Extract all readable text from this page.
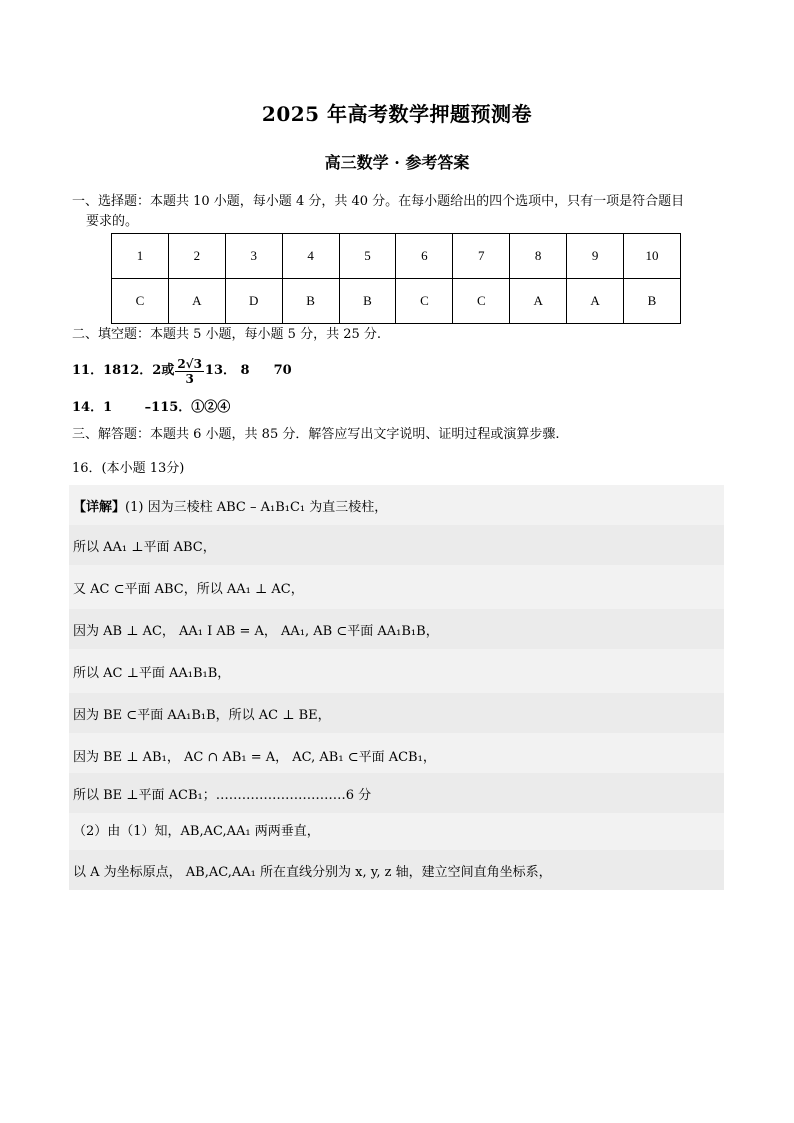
2025 年高考数学押题预测卷
高三数学 · 参考答案
一、选择题：本题共 10 小题，每小题 4 分，共 40 分。在每小题给出的四个选项中，只有一项是符合题目
要求的。
1	2	3	4	5	6	7	8	9	10
C	A	D	B	B	C	C	A	A	B
二、填空题：本题共 5 小题，每小题 5 分，共 25 分.
11．1812．2或 $\frac{2√3}{3} 13$． 8 70
14．1	–115．①②④
三、解答题：本题共 6 小题，共 85 分．解答应写出文字说明、证明过程或演算步骤.
16．(本小题 13分)
【详解】 (1) 因为三棱柱 ABC – A₁B₁C₁ 为直三棱柱，
所以 AA₁ ⊥平面 ABC，
又 AC ⊂平面 ABC，所以 AA₁ ⊥ AC，
因为 AB ⊥ AC， AA₁ I AB = A， AA₁, AB ⊂平面 AA₁B₁B，
所以 AC ⊥平面 AA₁B₁B，
因为 BE ⊂平面 AA₁B₁B，所以 AC ⊥ BE，
因为 BE ⊥ AB₁， AC ∩ AB₁ = A， AC, AB₁ ⊂平面 ACB₁，
所以 BE ⊥平面 ACB₁；…………………………6 分
（2）由（1）知，AB,AC,AA₁ 两两垂直，
以 A 为坐标原点， AB,AC,AA₁ 所在直线分别为 x, y, z 轴，建立空间直角坐标系，
